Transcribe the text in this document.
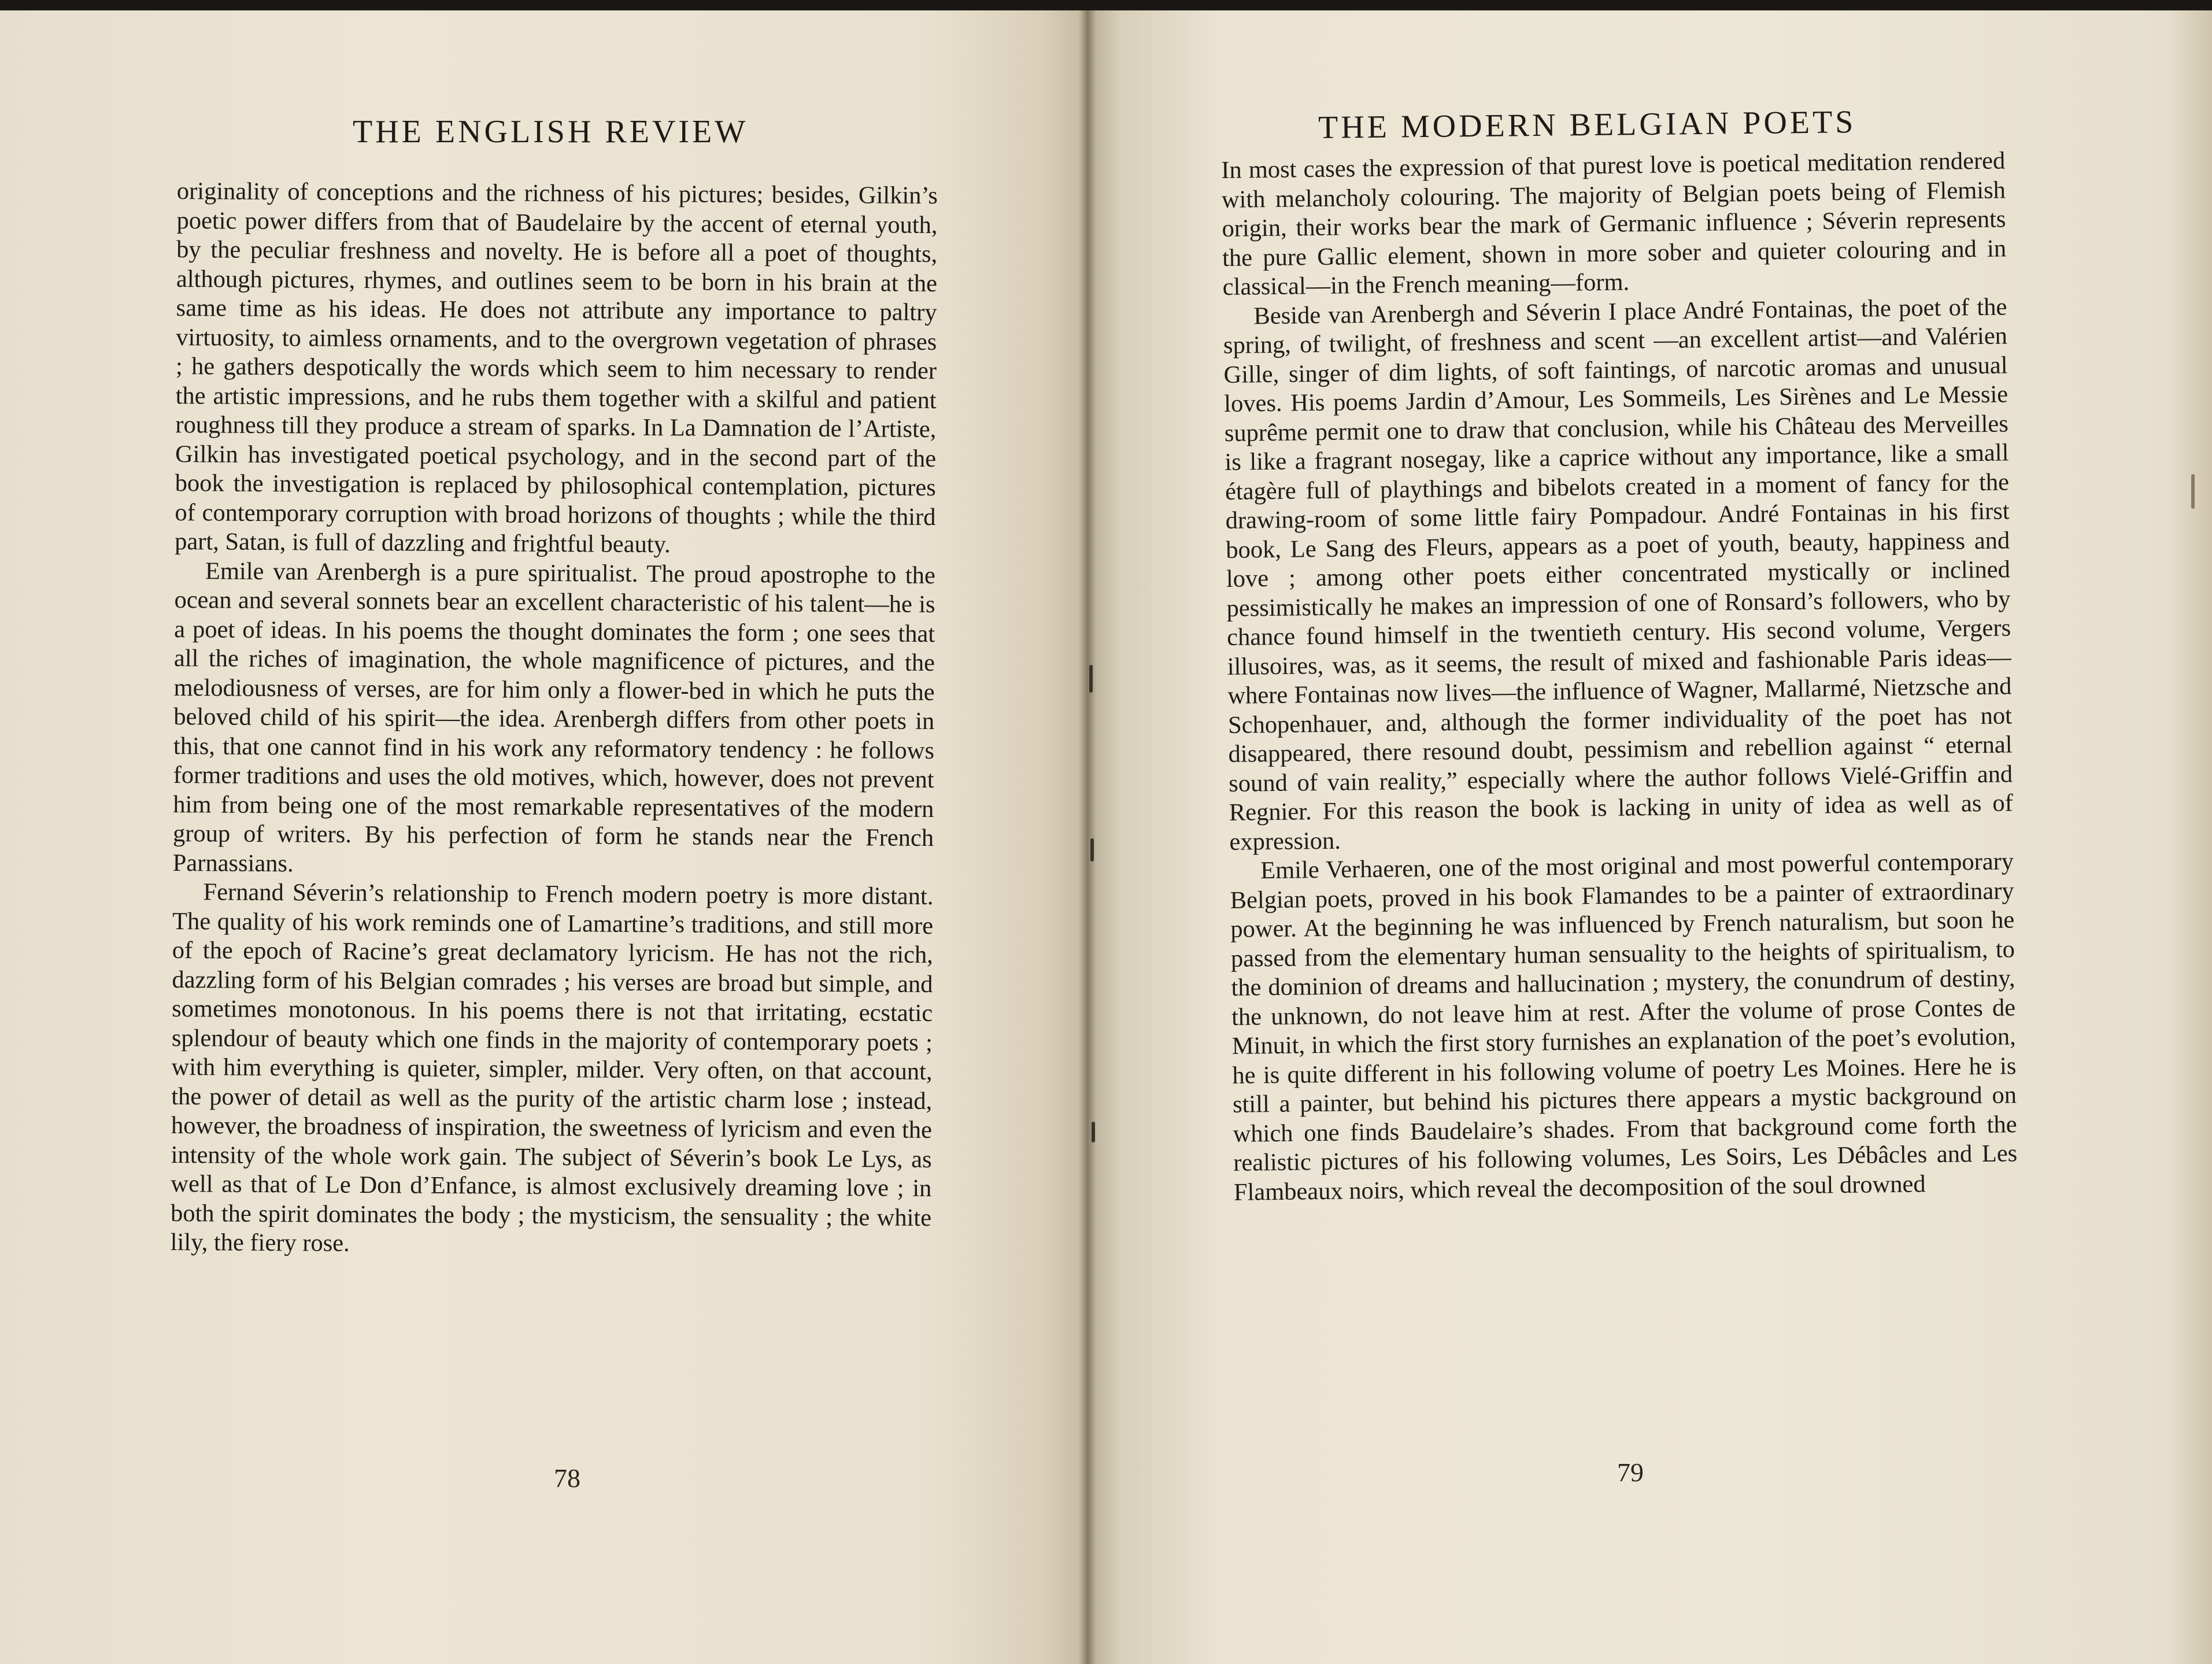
THE ENGLISH REVIEW

originality of conceptions and the richness of his pictures; besides, Gilkin’s poetic power differs from that of Baudelaire by the accent of eternal youth, by the peculiar freshness and novelty. He is before all a poet of thoughts, although pictures, rhymes, and outlines seem to be born in his brain at the same time as his ideas. He does not attribute any importance to paltry virtuosity, to aimless ornaments, and to the overgrown vegetation of phrases ; he gathers despotically the words which seem to him necessary to render the artistic impressions, and he rubs them together with a skilful and patient roughness till they produce a stream of sparks. In La Damnation de l’Artiste, Gilkin has investigated poetical psychology, and in the second part of the book the investigation is replaced by philosophical contemplation, pictures of contemporary corruption with broad horizons of thoughts ; while the third part, Satan, is full of dazzling and frightful beauty.

Emile van Arenbergh is a pure spiritualist. The proud apostrophe to the ocean and several sonnets bear an excellent characteristic of his talent—he is a poet of ideas. In his poems the thought dominates the form ; one sees that all the riches of imagination, the whole magnificence of pictures, and the melodiousness of verses, are for him only a flower-bed in which he puts the beloved child of his spirit—the idea. Arenbergh differs from other poets in this, that one cannot find in his work any reformatory tendency : he follows former traditions and uses the old motives, which, however, does not prevent him from being one of the most remarkable representatives of the modern group of writers. By his perfection of form he stands near the French Parnassians.

Fernand Séverin’s relationship to French modern poetry is more distant. The quality of his work reminds one of Lamartine’s traditions, and still more of the epoch of Racine’s great declamatory lyricism. He has not the rich, dazzling form of his Belgian comrades ; his verses are broad but simple, and sometimes monotonous. In his poems there is not that irritating, ecstatic splendour of beauty which one finds in the majority of contemporary poets ; with him everything is quieter, simpler, milder. Very often, on that account, the power of detail as well as the purity of the artistic charm lose ; instead, however, the broadness of inspiration, the sweetness of lyricism and even the intensity of the whole work gain. The subject of Séverin’s book Le Lys, as well as that of Le Don d’Enfance, is almost exclusively dreaming love ; in both the spirit dominates the body ; the mysticism, the sensuality ; the white lily, the fiery rose.

78
THE MODERN BELGIAN POETS
79

In most cases the expression of that purest love is poetical meditation rendered with melancholy colouring. The majority of Belgian poets being of Flemish origin, their works bear the mark of Germanic influence ; Séverin represents the pure Gallic element, shown in more sober and quieter colouring and in classical—in the French meaning—form.

Beside van Arenbergh and Séverin I place André Fontainas, the poet of the spring, of twilight, of freshness and scent —an excellent artist—and Valérien Gille, singer of dim lights, of soft faintings, of narcotic aromas and unusual loves. His poems Jardin d’Amour, Les Sommeils, Les Sirènes and Le Messie suprême permit one to draw that conclusion, while his Château des Merveilles is like a fragrant nosegay, like a caprice without any importance, like a small étagère full of playthings and bibelots created in a moment of fancy for the drawing-room of some little fairy Pompadour. André Fontainas in his first book, Le Sang des Fleurs, appears as a poet of youth, beauty, happiness and love ; among other poets either concentrated mystically or inclined pessimistically he makes an impression of one of Ronsard’s followers, who by chance found himself in the twentieth century. His second volume, Vergers illusoires, was, as it seems, the result of mixed and fashionable Paris ideas—where Fontainas now lives—the influence of Wagner, Mallarmé, Nietzsche and Schopenhauer, and, although the former individuality of the poet has not disappeared, there resound doubt, pessimism and rebellion against “ eternal sound of vain reality,” especially where the author follows Vielé-Griffin and Regnier. For this reason the book is lacking in unity of idea as well as of expression.

Emile Verhaeren, one of the most original and most powerful contemporary Belgian poets, proved in his book Flamandes to be a painter of extraordinary power. At the beginning he was influenced by French naturalism, but soon he passed from the elementary human sensuality to the heights of spiritualism, to the dominion of dreams and hallucination ; mystery, the conundrum of destiny, the unknown, do not leave him at rest. After the volume of prose Contes de Minuit, in which the first story furnishes an explanation of the poet’s evolution, he is quite different in his following volume of poetry Les Moines. Here he is still a painter, but behind his pictures there appears a mystic background on which one finds Baudelaire’s shades. From that background come forth the realistic pictures of his following volumes, Les Soirs, Les Débâcles and Les Flambeaux noirs, which reveal the decomposition of the soul drowned
